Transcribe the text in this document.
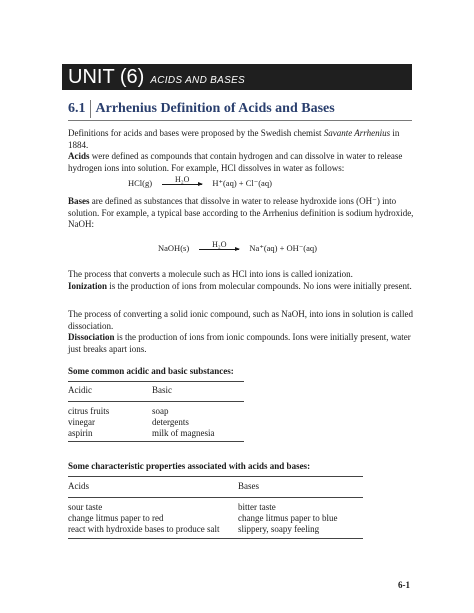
UNIT (6) ACIDS AND BASES
6.1 Arrhenius Definition of Acids and Bases
Definitions for acids and bases were proposed by the Swedish chemist Savante Arrhenius in 1884.
Acids were defined as compounds that contain hydrogen and can dissolve in water to release hydrogen ions into solution. For example, HCl dissolves in water as follows:
HCl(g)	H₂O	H⁺(aq) + Cl⁻(aq)
Bases are defined as substances that dissolve in water to release hydroxide ions (OH⁻) into solution. For example, a typical base according to the Arrhenius definition is sodium hydroxide, NaOH:
NaOH(s)	H₂O	Na⁺(aq) + OH⁻(aq)
The process that converts a molecule such as HCl into ions is called ionization.
Ionization is the production of ions from molecular compounds. No ions were initially present.
The process of converting a solid ionic compound, such as NaOH, into ions in solution is called dissociation.
Dissociation is the production of ions from ionic compounds. Ions were initially present, water just breaks apart ions.
Some common acidic and basic substances:
Acidic	Basic
citrus fruits	soap
vinegar	detergents
aspirin	milk of magnesia
Some characteristic properties associated with acids and bases:
Acids	Bases
sour taste	bitter taste
change litmus paper to red	change litmus paper to blue
react with hydroxide bases to produce salt	slippery, soapy feeling
6-1
